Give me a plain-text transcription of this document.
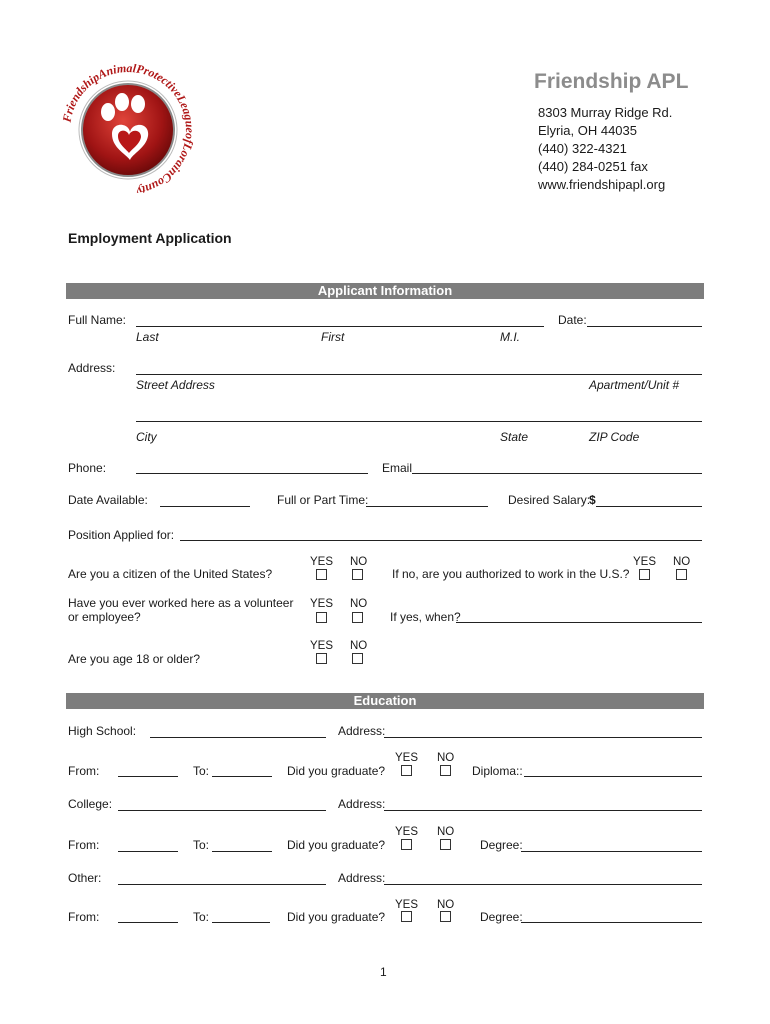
FriendshipAnimalProtectiveLeagueofLorainCounty
Friendship APL
8303 Murray Ridge Rd.
Elyria, OH 44035
(440) 322-4321
(440) 284-0251 fax
www.friendshipapl.org
Employment Application
Applicant Information
Full Name:
Last	First	M.I.
Date:
Address:
Street Address	Apartment/Unit #
City	State	ZIP Code
Phone:	Email
Date Available:	Full or Part Time:	Desired Salary:
$
Position Applied for:
Are you a citizen of the United States?
YES NO
If no, are you authorized to work in the U.S.?
YES NO
Have you ever worked here as a volunteer
or employee?
YES NO
If yes, when?
Are you age 18 or older?
YES NO
Education
High School:	Address:
From:	To:	Did you graduate?
YES NO
Diploma::
College:	Address:
From:	To:	Did you graduate?
YES NO
Degree:
Other:	Address:
From:	To:	Did you graduate?
YES NO
Degree:
1
